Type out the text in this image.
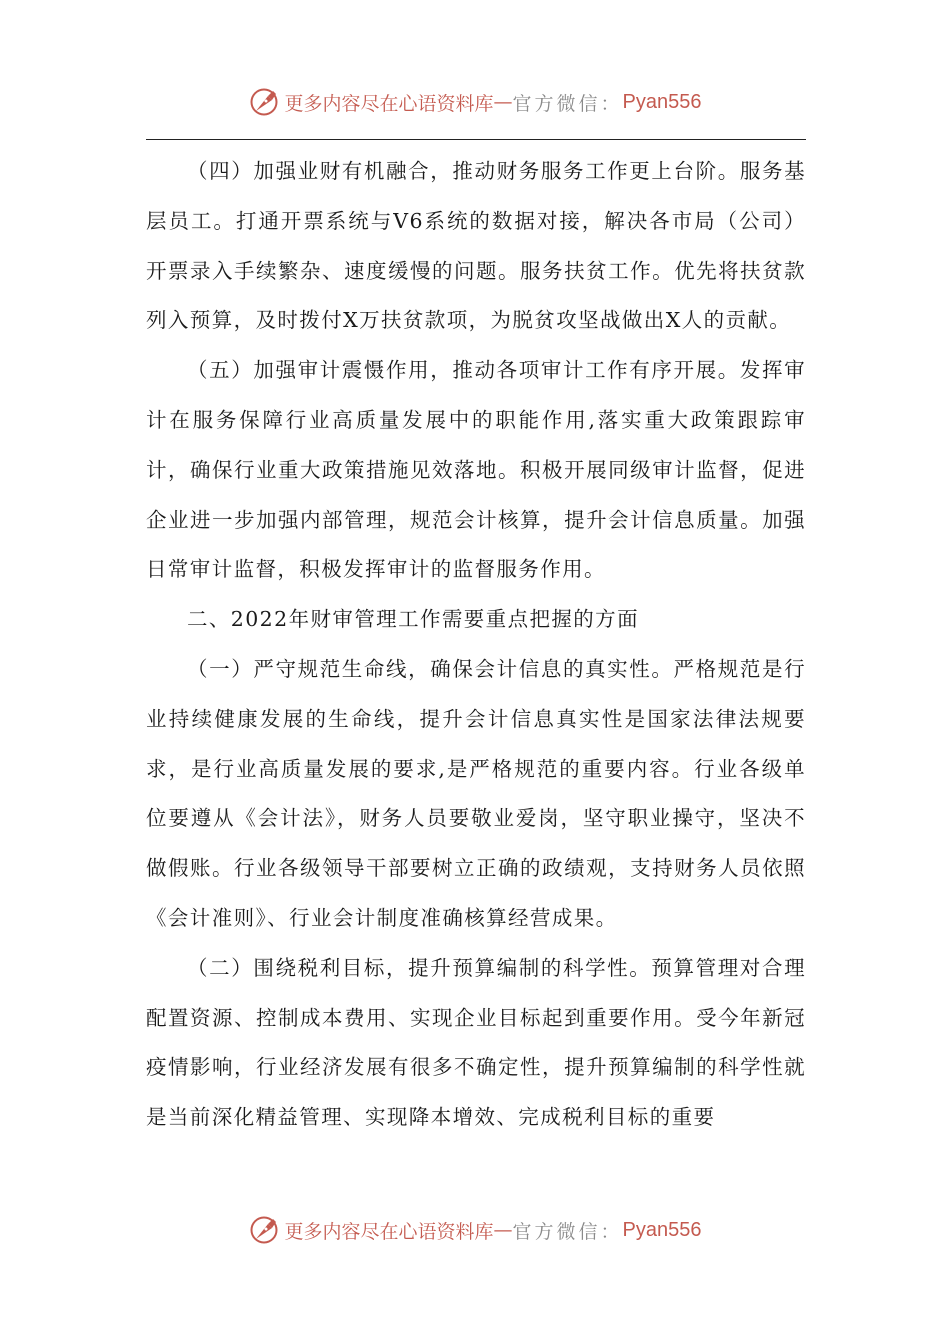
更多内容尽在心语资料库 — 官方微信： Pyan556

（四）加强业财有机融合，推动财务服务工作更上台阶。服务基层员工。打通开票系统与V6系统的数据对接，解决各市局（公司）开票录入手续繁杂、速度缓慢的问题。服务扶贫工作。优先将扶贫款列入预算，及时拨付X万扶贫款项，为脱贫攻坚战做出X人的贡献。

（五）加强审计震慑作用，推动各项审计工作有序开展。发挥审计在服务保障行业高质量发展中的职能作用,落实重大政策跟踪审计，确保行业重大政策措施见效落地。积极开展同级审计监督，促进企业进一步加强内部管理，规范会计核算，提升会计信息质量。加强日常审计监督，积极发挥审计的监督服务作用。

二、2022年财审管理工作需要重点把握的方面

（一）严守规范生命线，确保会计信息的真实性。严格规范是行业持续健康发展的生命线，提升会计信息真实性是国家法律法规要求，是行业高质量发展的要求,是严格规范的重要内容。行业各级单位要遵从《会计法》，财务人员要敬业爱岗，坚守职业操守，坚决不做假账。行业各级领导干部要树立正确的政绩观，支持财务人员依照《会计准则》、行业会计制度准确核算经营成果。

（二）围绕税利目标，提升预算编制的科学性。预算管理对合理配置资源、控制成本费用、实现企业目标起到重要作用。受今年新冠疫情影响，行业经济发展有很多不确定性，提升预算编制的科学性就是当前深化精益管理、实现降本增效、完成税利目标的重要

更多内容尽在心语资料库 — 官方微信： Pyan556
